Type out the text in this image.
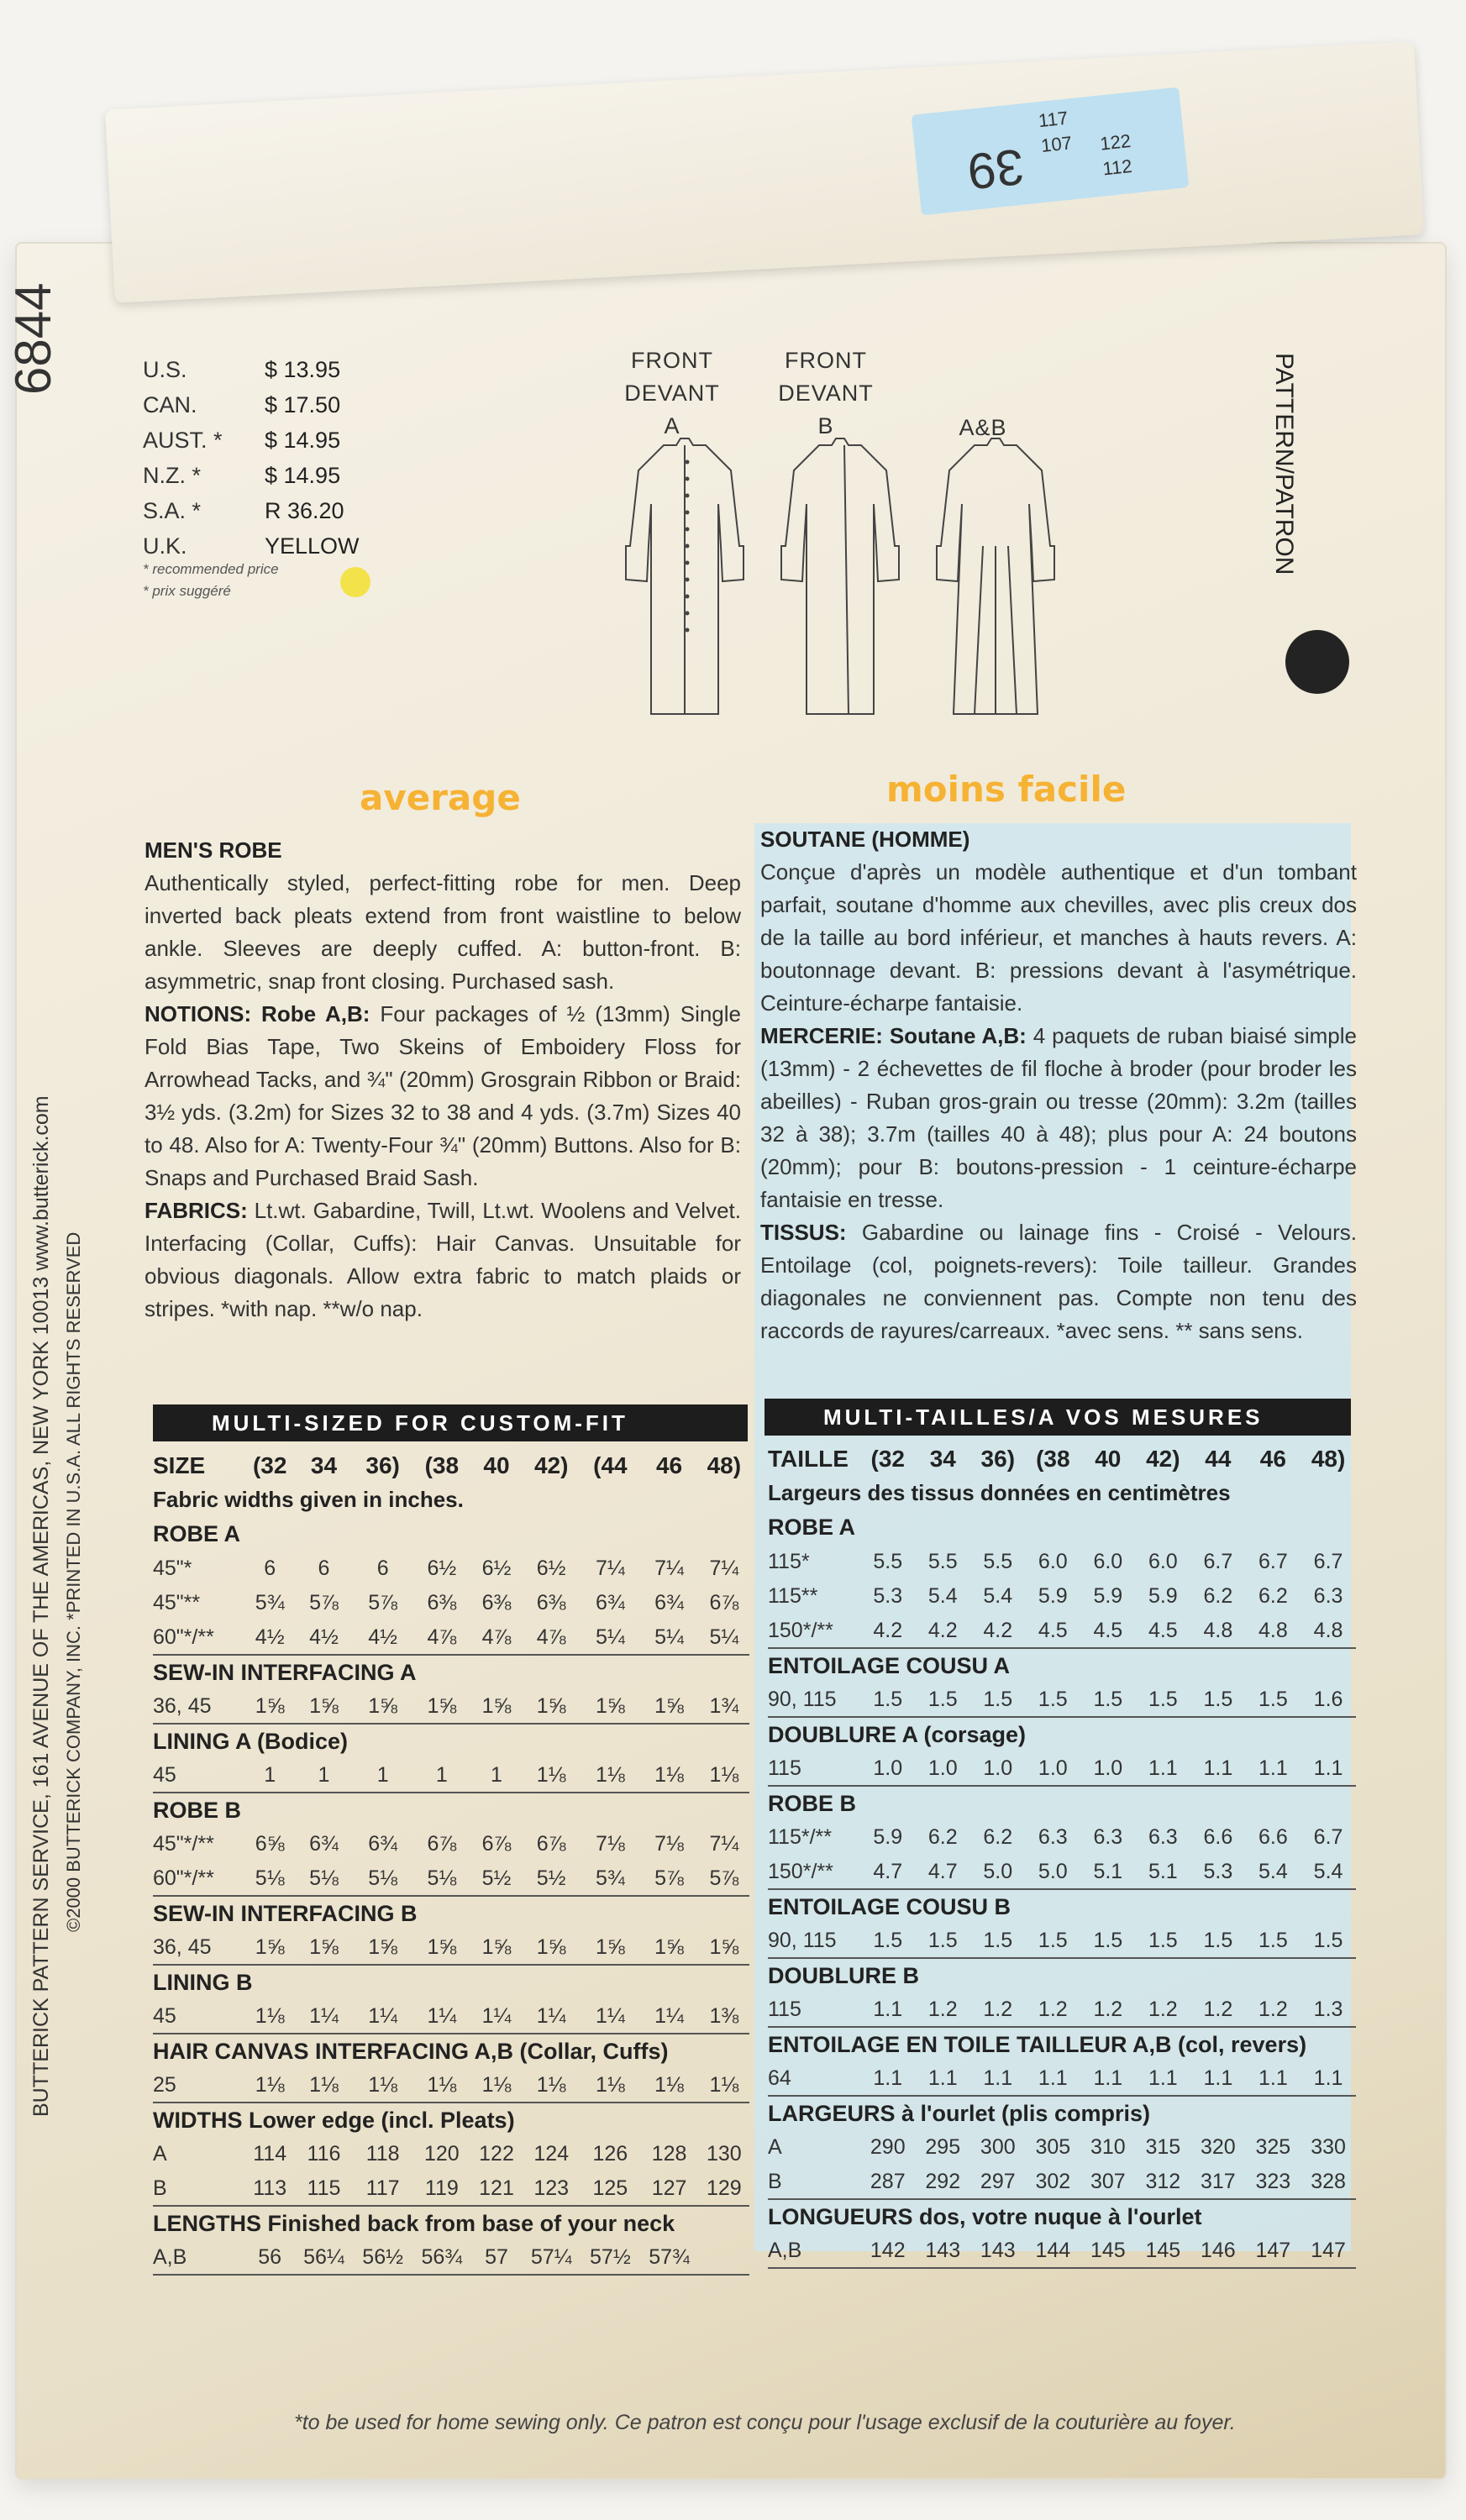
39
117
107 122
112
6844
BUTTERICK PATTERN SERVICE, 161 AVENUE OF THE AMERICAS, NEW YORK 10013 www.butterick.com ©2000 BUTTERICK COMPANY, INC. *PRINTED IN U.S.A. ALL RIGHTS RESERVED
PATTERN/PATRON
U.S.	$ 13.95
CAN.	$ 17.50
AUST. *	$ 14.95
N.Z. *	$ 14.95
S.A. *	R 36.20
U.K.	YELLOW
* recommended price
* prix suggéré
FRONT
DEVANT
A
FRONT
DEVANT
B	A&B
average	moins facile
MEN'S ROBE

Authentically styled, perfect-fitting robe for men. Deep inverted back pleats extend from front waistline to below ankle. Sleeves are deeply cuffed. A: button-front. B: asymmetric, snap front closing. Purchased sash.

NOTIONS: Robe A,B: Four packages of ½ (13mm) Single Fold Bias Tape, Two Skeins of Emboidery Floss for Arrowhead Tacks, and ¾" (20mm) Grosgrain Ribbon or Braid: 3½ yds. (3.2m) for Sizes 32 to 38 and 4 yds. (3.7m) Sizes 40 to 48. Also for A: Twenty-Four ¾" (20mm) Buttons. Also for B: Snaps and Purchased Braid Sash.

FABRICS: Lt.wt. Gabardine, Twill, Lt.wt. Woolens and Velvet. Interfacing (Collar, Cuffs): Hair Canvas. Unsuitable for obvious diagonals. Allow extra fabric to match plaids or stripes. *with nap. **w/o nap.

SOUTANE (HOMME)

Conçue d'après un modèle authentique et d'un tombant parfait, soutane d'homme aux chevilles, avec plis creux dos de la taille au bord inférieur, et manches à hauts revers. A: boutonnage devant. B: pressions devant à l'asymétrique. Ceinture-écharpe fantaisie.

MERCERIE: Soutane A,B: 4 paquets de ruban biaisé simple (13mm) - 2 échevettes de fil floche à broder (pour broder les abeilles) - Ruban gros-grain ou tresse (20mm): 3.2m (tailles 32 à 38); 3.7m (tailles 40 à 48); plus pour A: 24 boutons (20mm); pour B: boutons-pression - 1 ceinture-écharpe fantaisie en tresse.

TISSUS: Gabardine ou lainage fins - Croisé - Velours. Entoilage (col, poignets-revers): Toile tailleur. Grandes diagonales ne conviennent pas. Compte non tenu des raccords de rayures/carreaux. *avec sens. ** sans sens.

MULTI-SIZED FOR CUSTOM-FIT	MULTI-TAILLES/A VOS MESURES
SIZE	(32	34	36)	(38	40	42)	(44	46	48)
Fabric widths given in inches.									
ROBE A									
45"*	6	6	6	6½	6½	6½	7¼	7¼	7¼
45"**	5¾	5⅞	5⅞	6⅜	6⅜	6⅜	6¾	6¾	6⅞
60"*/**	4½	4½	4½	4⅞	4⅞	4⅞	5¼	5¼	5¼
SEW-IN INTERFACING A									
36, 45	1⅝	1⅝	1⅝	1⅝	1⅝	1⅝	1⅝	1⅝	1¾
LINING A (Bodice)									
45	1	1	1	1	1	1⅛	1⅛	1⅛	1⅛
ROBE B									
45"*/**	6⅝	6¾	6¾	6⅞	6⅞	6⅞	7⅛	7⅛	7¼
60"*/**	5⅛	5⅛	5⅛	5⅛	5½	5½	5¾	5⅞	5⅞
SEW-IN INTERFACING B									
36, 45	1⅝	1⅝	1⅝	1⅝	1⅝	1⅝	1⅝	1⅝	1⅝
LINING B									
45	1⅛	1¼	1¼	1¼	1¼	1¼	1¼	1¼	1⅜
HAIR CANVAS INTERFACING A,B (Collar, Cuffs)									
25	1⅛	1⅛	1⅛	1⅛	1⅛	1⅛	1⅛	1⅛	1⅛
WIDTHS Lower edge (incl. Pleats)									
A	114	116	118	120	122	124	126	128	130
B	113	115	117	119	121	123	125	127	129
LENGTHS Finished back from base of your neck									
A,B	56	56¼	56½	56¾	57	57¼	57½	57¾	
TAILLE	(32	34	36)	(38	40	42)	44	46	48)
Largeurs des tissus données en centimètres									
ROBE A									
115*	5.5	5.5	5.5	6.0	6.0	6.0	6.7	6.7	6.7
115**	5.3	5.4	5.4	5.9	5.9	5.9	6.2	6.2	6.3
150*/**	4.2	4.2	4.2	4.5	4.5	4.5	4.8	4.8	4.8
ENTOILAGE COUSU A									
90, 115	1.5	1.5	1.5	1.5	1.5	1.5	1.5	1.5	1.6
DOUBLURE A (corsage)									
115	1.0	1.0	1.0	1.0	1.0	1.1	1.1	1.1	1.1
ROBE B									
115*/**	5.9	6.2	6.2	6.3	6.3	6.3	6.6	6.6	6.7
150*/**	4.7	4.7	5.0	5.0	5.1	5.1	5.3	5.4	5.4
ENTOILAGE COUSU B									
90, 115	1.5	1.5	1.5	1.5	1.5	1.5	1.5	1.5	1.5
DOUBLURE B									
115	1.1	1.2	1.2	1.2	1.2	1.2	1.2	1.2	1.3
ENTOILAGE EN TOILE TAILLEUR A,B (col, revers)									
64	1.1	1.1	1.1	1.1	1.1	1.1	1.1	1.1	1.1
LARGEURS à l'ourlet (plis compris)									
A	290	295	300	305	310	315	320	325	330
B	287	292	297	302	307	312	317	323	328
LONGUEURS dos, votre nuque à l'ourlet									
A,B	142	143	143	144	145	145	146	147	147
*to be used for home sewing only. Ce patron est conçu pour l'usage exclusif de la couturière au foyer.
